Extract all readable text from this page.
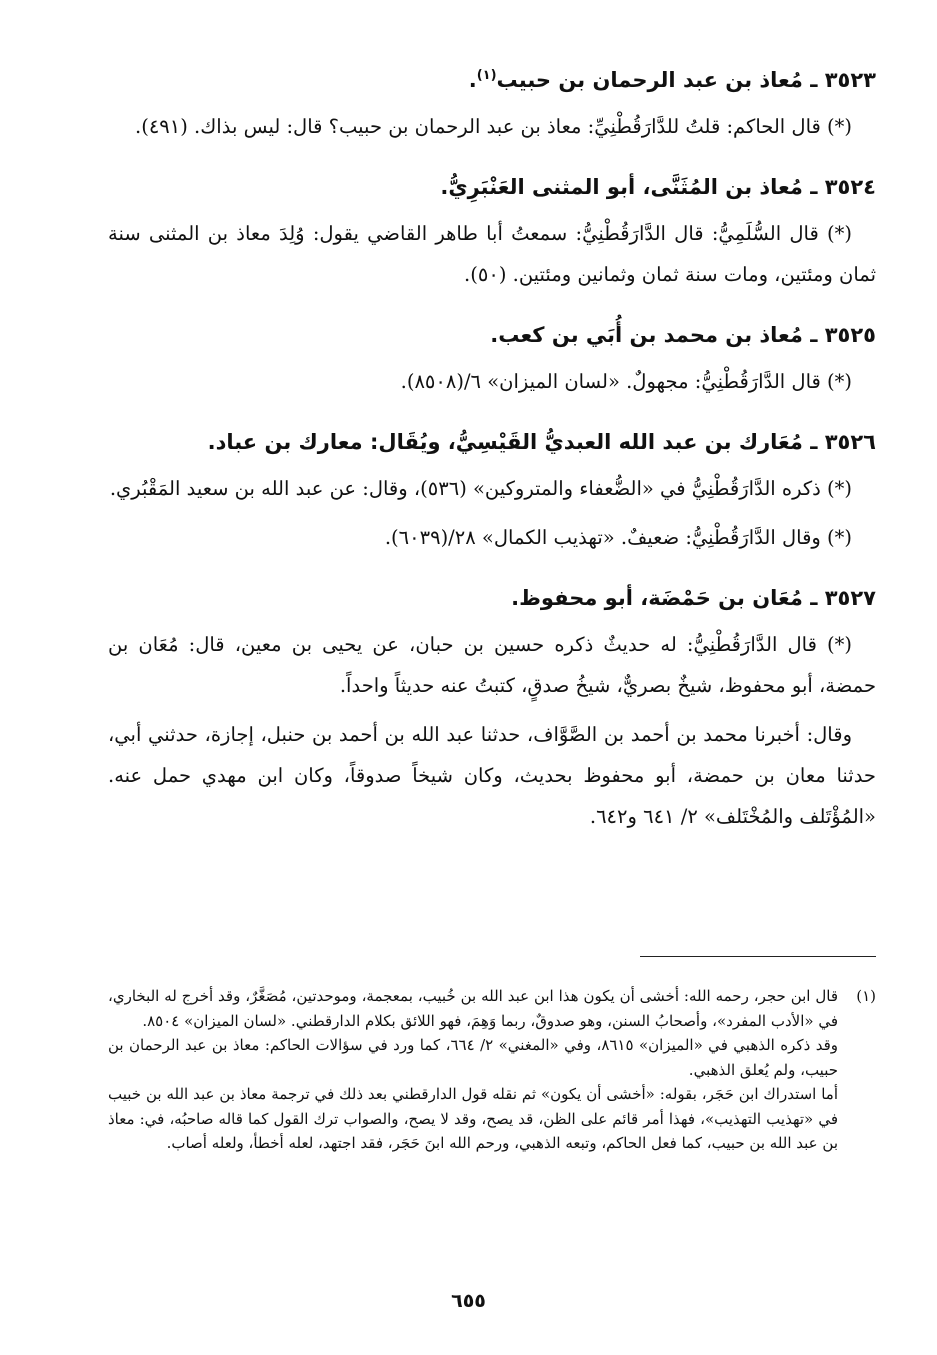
٣٥٢٣ ـ مُعاذ بن عبد الرحمان بن حبيب$^{(١)}$.

(*) قال الحاكم: قلتُ للدَّارَقُطْنِيِّ: معاذ بن عبد الرحمان بن حبيب؟ قال: ليس بذاك. (٤٩١).

٣٥٢٤ ـ مُعاذ بن المُثَنَّى، أبو المثنى العَنْبَرِيُّ.

(*) قال السُّلَمِيُّ: قال الدَّارَقُطْنِيُّ: سمعتُ أبا طاهر القاضي يقول: وُلِدَ معاذ بن المثنى سنة ثمان ومئتين، ومات سنة ثمان وثمانين ومئتين. (٥٠).

٣٥٢٥ ـ مُعاذ بن محمد بن أُبَي بن كعب.

(*) قال الدَّارَقُطْنِيُّ: مجهولٌ. «لسان الميزان» ٦/(٨٥٠٨).

٣٥٢٦ ـ مُعَارك بن عبد الله العبديُّ القَيْسِيُّ، ويُقَال: معارك بن عباد.

(*) ذكره الدَّارَقُطْنِيُّ في «الضُّعفاء والمتروكين» (٥٣٦)، وقال: عن عبد الله بن سعيد المَقْبُري.

(*) وقال الدَّارَقُطْنِيُّ: ضعيفٌ. «تهذيب الكمال» ٢٨/(٦٠٣٩).

٣٥٢٧ ـ مُعَان بن حَمْضَة، أبو محفوظ.

(*) قال الدَّارَقُطْنِيُّ: له حديثٌ ذكره حسين بن حبان، عن يحيى بن معين، قال: مُعَان بن حمضة، أبو محفوظ، شيخٌ بصريٌّ، شيخُ صدقٍ، كتبتُ عنه حديثاً واحداً.

وقال: أخبرنا محمد بن أحمد بن الصَّوَّاف، حدثنا عبد الله بن أحمد بن حنبل، إجازة، حدثني أبي، حدثنا معان بن حمضة، أبو محفوظ بحديث، وكان شيخاً صدوقاً، وكان ابن مهدي حمل عنه. «المُؤْتَلف والمُخْتَلف» ٢/ ٦٤١ و٦٤٢.

(١)

قال ابن حجر، رحمه الله: أخشى أن يكون هذا ابن عبد الله بن خُبيب، بمعجمة، وموحدتين، مُصَغَّرٌ، وقد أخرج له البخاري، في «الأدب المفرد»، وأصحابُ السنن، وهو صدوقٌ، ربما وَهِمَ، فهو اللائق بكلام الدارقطني. «لسان الميزان» ٨٥٠٤.

وقد ذكره الذهبي في «الميزان» ٨٦١٥، وفي «المغني» ٢/ ٦٦٤، كما ورد في سؤالات الحاكم: معاذ بن عبد الرحمان بن حبيب، ولم يُعلق الذهبي.

أما استدراك ابن حَجَر، بقوله: «أخشى أن يكون» ثم نقله قول الدارقطني بعد ذلك في ترجمة معاذ بن عبد الله بن خبيب في «تهذيب التهذيب»، فهذا أمر قائم على الظن، قد يصح، وقد لا يصح، والصواب ترك القول كما قاله صاحبُه، في: معاذ بن عبد الله بن حبيب، كما فعل الحاكم، وتبعه الذهبي، ورحم الله ابنَ حَجَر، فقد اجتهد، لعله أخطأ، ولعله أصاب.

٦٥٥
